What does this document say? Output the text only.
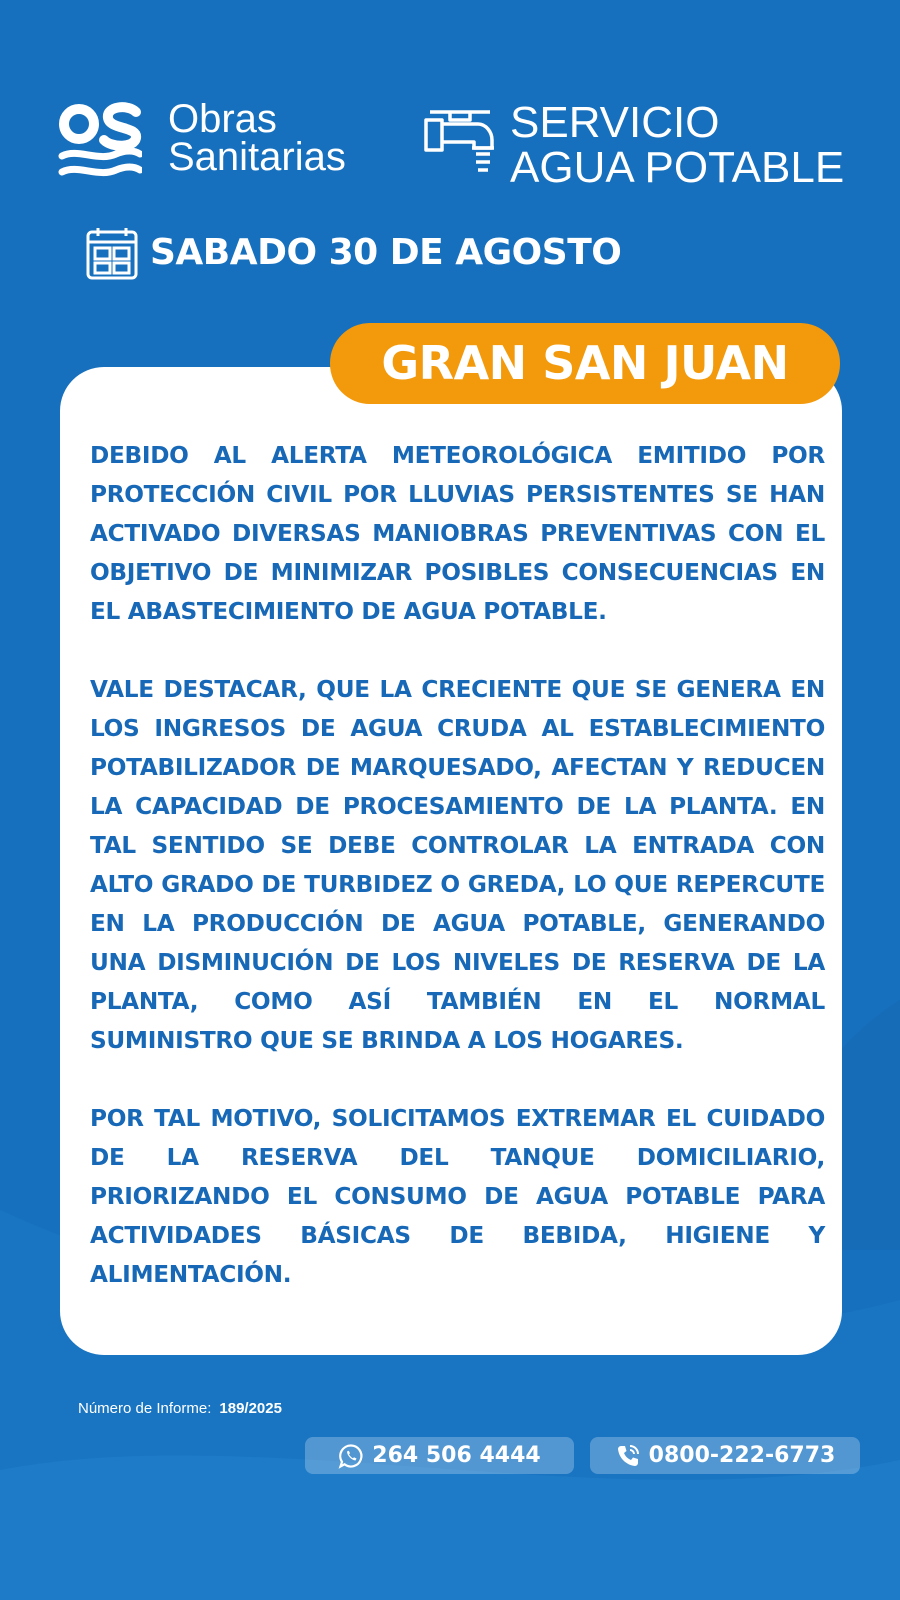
Obras
Sanitarias
SERVICIO
AGUA POTABLE
SABADO 30 DE AGOSTO
GRAN SAN JUAN

DEBIDO AL ALERTA METEOROLÓGICA EMITIDO POR PROTECCIÓN CIVIL POR LLUVIAS PERSISTENTES SE HAN ACTIVADO DIVERSAS MANIOBRAS PREVENTIVAS CON EL OBJETIVO DE MINIMIZAR POSIBLES CONSECUENCIAS EN EL ABASTECIMIENTO DE AGUA POTABLE.

VALE DESTACAR, QUE LA CRECIENTE QUE SE GENERA EN LOS INGRESOS DE AGUA CRUDA AL ESTABLECIMIENTO POTABILIZADOR DE MARQUESADO, AFECTAN Y REDUCEN LA CAPACIDAD DE PROCESAMIENTO DE LA PLANTA. EN TAL SENTIDO SE DEBE CONTROLAR LA ENTRADA CON ALTO GRADO DE TURBIDEZ O GREDA, LO QUE REPERCUTE EN LA PRODUCCIÓN DE AGUA POTABLE, GENERANDO UNA DISMINUCIÓN DE LOS NIVELES DE RESERVA DE LA PLANTA, COMO ASÍ TAMBIÉN EN EL NORMAL SUMINISTRO QUE SE BRINDA A LOS HOGARES.

POR TAL MOTIVO, SOLICITAMOS EXTREMAR EL CUIDADO DE LA RESERVA DEL TANQUE DOMICILIARIO, PRIORIZANDO EL CONSUMO DE AGUA POTABLE PARA ACTIVIDADES BÁSICAS DE BEBIDA, HIGIENE Y ALIMENTACIÓN.

Número de Informe: 189/2025
264 506 4444	0800-222-6773
